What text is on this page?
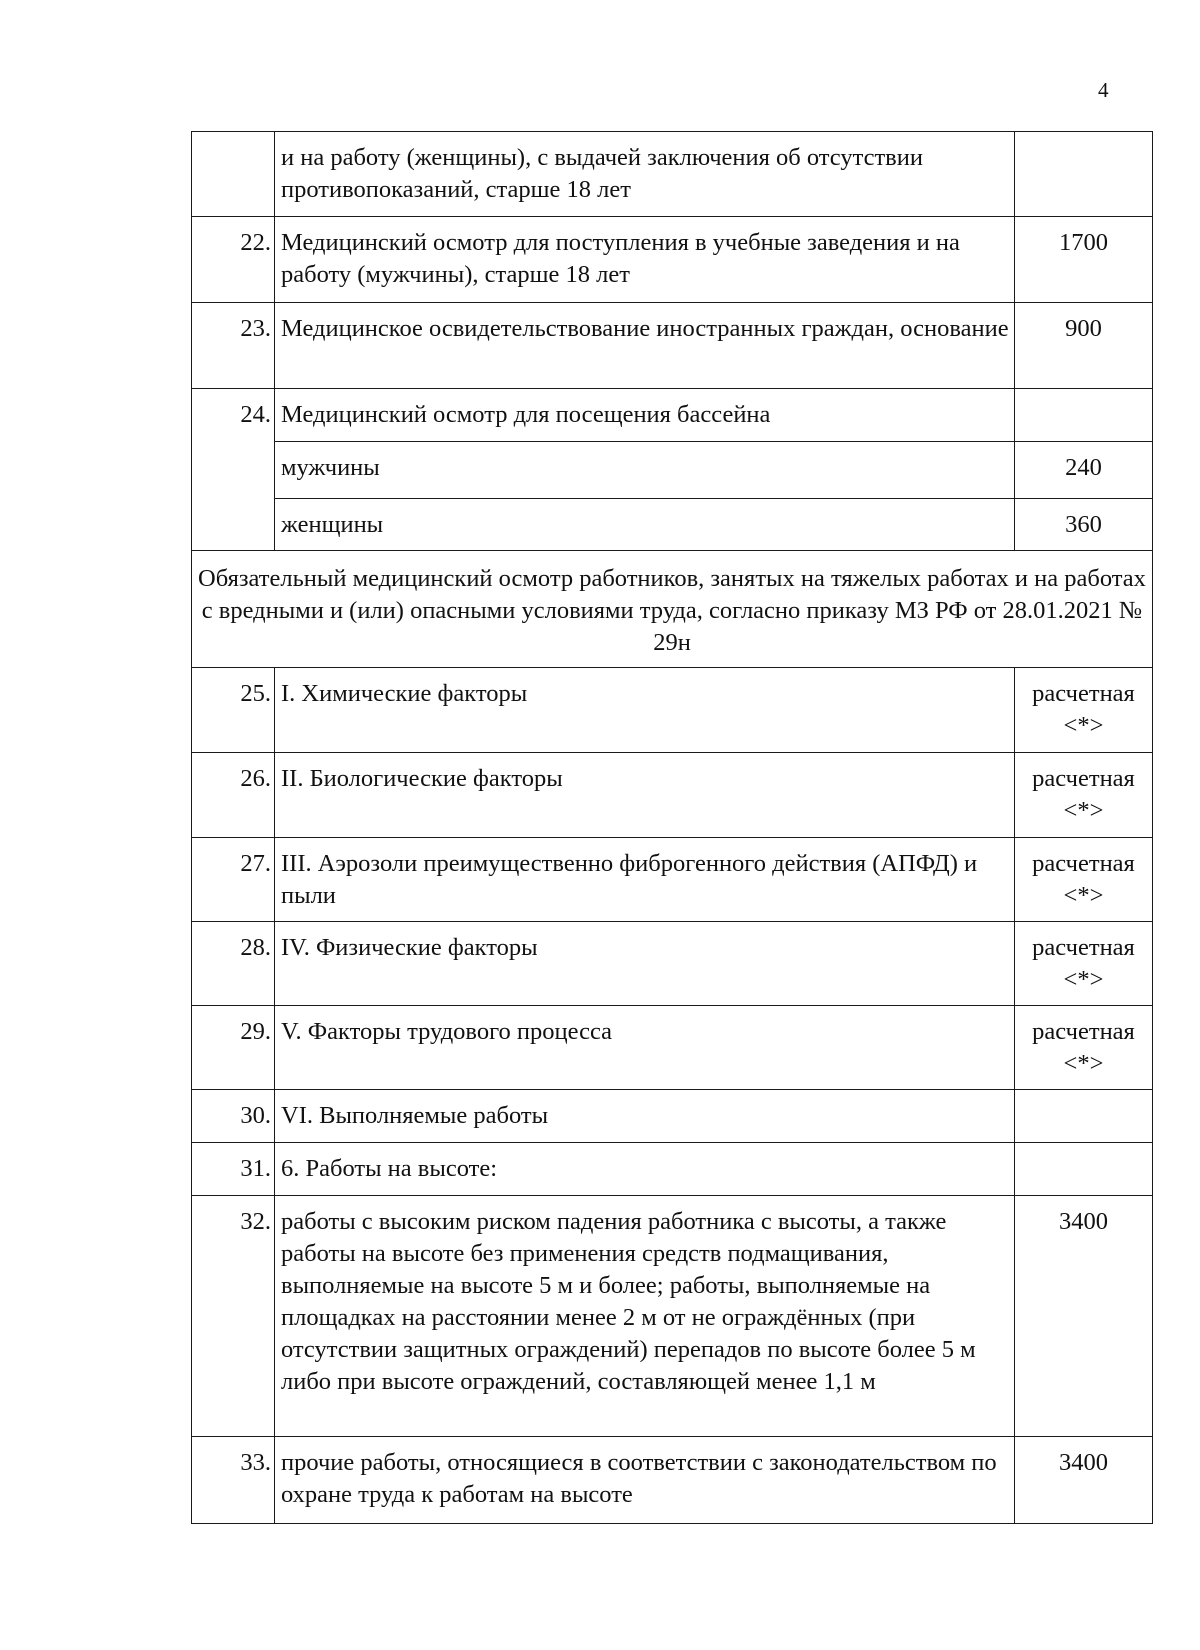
4
	и на работу (женщины), с выдачей заключения об отсутствии противопоказаний, старше 18 лет	
22.	Медицинский осмотр для поступления в учебные заведения и на работу (мужчины), старше 18 лет	1700
23.	Медицинское освидетельствование иностранных граждан, основание	900
24.	Медицинский осмотр для посещения бассейна	
	мужчины	240
	женщины	360
Обязательный медицинский осмотр работников, занятых на тяжелых работах и на работах с вредными и (или) опасными условиями труда, согласно приказу МЗ РФ от 28.01.2021 № 29н		
25.	I. Химические факторы	расчетная <*>
26.	II. Биологические факторы	расчетная <*>
27.	III. Аэрозоли преимущественно фиброгенного действия (АПФД) и пыли	расчетная <*>
28.	IV. Физические факторы	расчетная <*>
29.	V. Факторы трудового процесса	расчетная <*>
30.	VI. Выполняемые работы	
31.	6. Работы на высоте:	
32.	работы с высоким риском падения работника с высоты, а также работы на высоте без применения средств подмащивания, выполняемые на высоте 5 м и более; работы, выполняемые на площадках на расстоянии менее 2 м от не ограждённых (при отсутствии защитных ограждений) перепадов по высоте более 5 м либо при высоте ограждений, составляющей менее 1,1 м	3400
33.	прочие работы, относящиеся в соответствии с законодательством по охране труда к работам на высоте	3400
